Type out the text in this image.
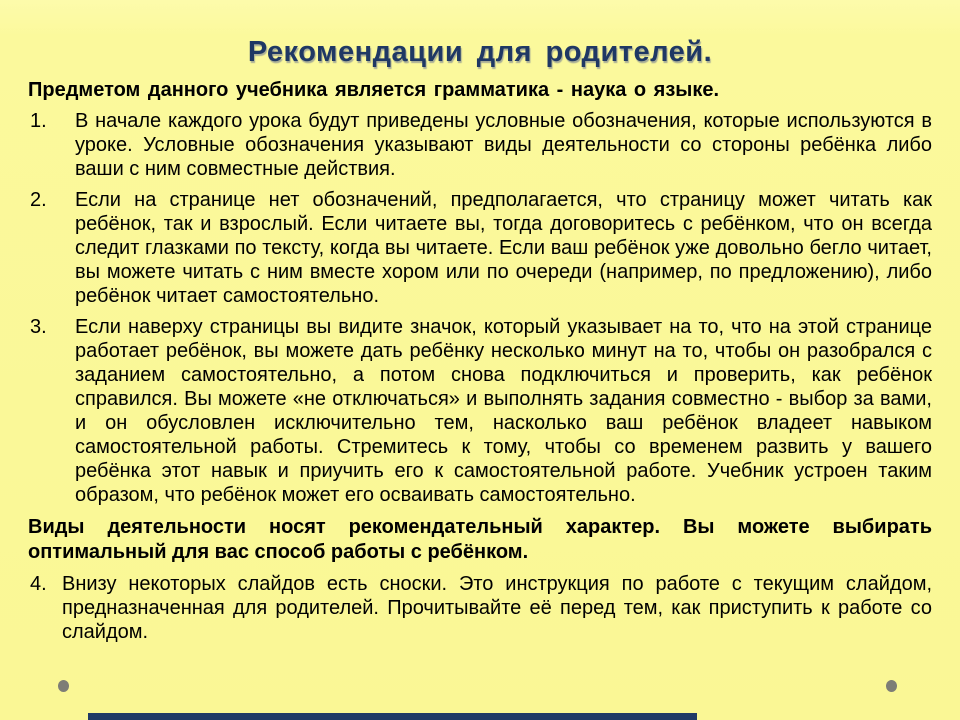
Рекомендации для родителей.

Предметом данного учебника является грамматика - наука о языке.

1.	В начале каждого урока будут приведены условные обозначения, которые используются в уроке. Условные обозначения указывают виды деятельности со стороны ребёнка либо ваши с ним совместные действия.

2.	Если на странице нет обозначений, предполагается, что страницу может читать как ребёнок, так и взрослый. Если читаете вы, тогда договоритесь с ребёнком, что он всегда следит глазками по тексту, когда вы читаете. Если ваш ребёнок уже довольно бегло читает, вы можете читать с ним вместе хором или по очереди (например, по предложению), либо ребёнок читает самостоятельно.

3.	Если наверху страницы вы видите значок, который указывает на то, что на этой странице работает ребёнок, вы можете дать ребёнку несколько минут на то, чтобы он разобрался с заданием самостоятельно, а потом снова подключиться и проверить, как ребёнок справился. Вы можете «не отключаться» и выполнять задания совместно - выбор за вами, и он обусловлен исключительно тем, насколько ваш ребёнок владеет навыком самостоятельной работы. Стремитесь к тому, чтобы со временем развить у вашего ребёнка этот навык и приучить его к самостоятельной работе. Учебник устроен таким образом, что ребёнок может его осваивать самостоятельно.

Виды деятельности носят рекомендательный характер. Вы можете выбирать оптимальный для вас способ работы с ребёнком.

4. Внизу некоторых слайдов есть сноски. Это инструкция по работе с текущим слайдом, предназначенная для родителей. Прочитывайте её перед тем, как приступить к работе со слайдом.
